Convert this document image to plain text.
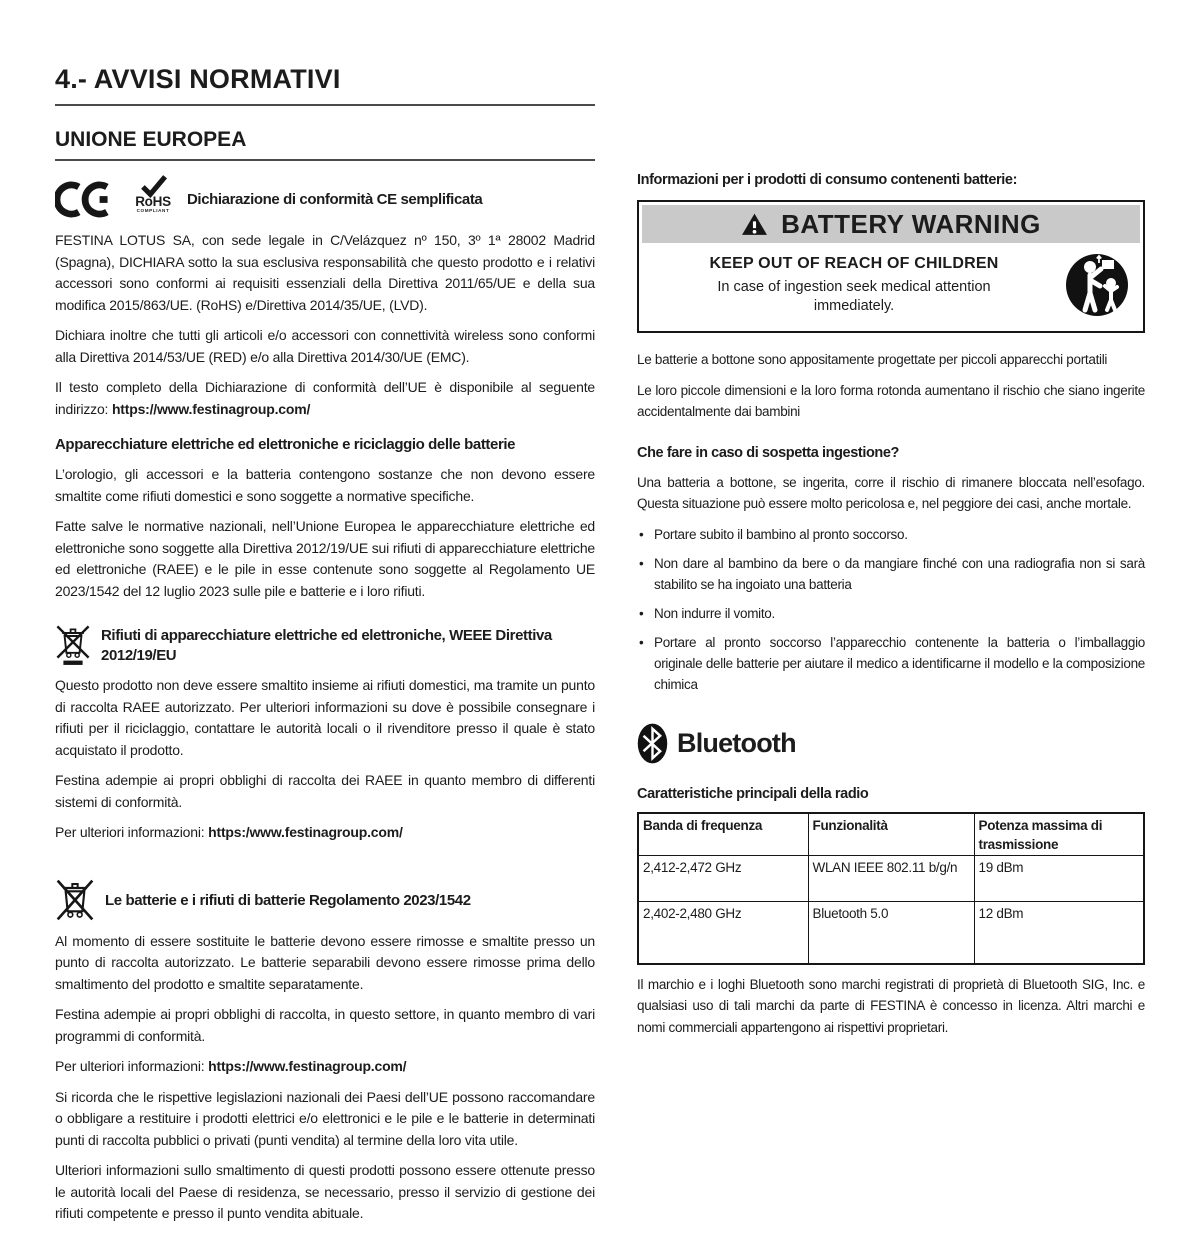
4.- AVVISI NORMATIVI
UNIONE EUROPEA
RoHS
COMPLIANT
Dichiarazione di conformità CE semplificata

FESTINA LOTUS SA, con sede legale in C/Velázquez nº 150, 3º 1ª 28002 Madrid (Spagna), DICHIARA sotto la sua esclusiva responsabilità che questo prodotto e i relativi accessori sono conformi ai requisiti essenziali della Direttiva 2011/65/UE e della sua modifica 2015/863/UE. (RoHS) e/Direttiva 2014/35/UE, (LVD).

Dichiara inoltre che tutti gli articoli e/o accessori con connettività wireless sono conformi alla Direttiva 2014/53/UE (RED) e/o alla Direttiva 2014/30/UE (EMC).

Il testo completo della Dichiarazione di conformità dell’UE è disponibile al seguente indirizzo: https://www.festinagroup.com/

Apparecchiature elettriche ed elettroniche e riciclaggio delle batterie

L’orologio, gli accessori e la batteria contengono sostanze che non devono essere smaltite come rifiuti domestici e sono soggette a normative specifiche.

Fatte salve le normative nazionali, nell’Unione Europea le apparecchiature elettriche ed elettroniche sono soggette alla Direttiva 2012/19/UE sui rifiuti di apparecchiature elettriche ed elettroniche (RAEE) e le pile in esse contenute sono soggette al Regolamento UE 2023/1542 del 12 luglio 2023 sulle pile e batterie e i loro rifiuti.

Rifiuti di apparecchiature elettriche ed elettroniche, WEEE Direttiva 2012/19/EU

Questo prodotto non deve essere smaltito insieme ai rifiuti domestici, ma tramite un punto di raccolta RAEE autorizzato. Per ulteriori informazioni su dove è possibile consegnare i rifiuti per il riciclaggio, contattare le autorità locali o il rivenditore presso il quale è stato acquistato il prodotto.

Festina adempie ai propri obblighi di raccolta dei RAEE in quanto membro di differenti sistemi di conformità.

Per ulteriori informazioni: https:/www.festinagroup.com/

Le batterie e i rifiuti di batterie Regolamento 2023/1542

Al momento di essere sostituite le batterie devono essere rimosse e smaltite presso un punto di raccolta autorizzato. Le batterie separabili devono essere rimosse prima dello smaltimento del prodotto e smaltite separatamente.

Festina adempie ai propri obblighi di raccolta, in questo settore, in quanto membro di vari programmi di conformità.

Per ulteriori informazioni: https://www.festinagroup.com/

Si ricorda che le rispettive legislazioni nazionali dei Paesi dell’UE possono raccomandare o obbligare a restituire i prodotti elettrici e/o elettronici e le pile e le batterie in determinati punti di raccolta pubblici o privati (punti vendita) al termine della loro vita utile.

Ulteriori informazioni sullo smaltimento di questi prodotti possono essere ottenute presso le autorità locali del Paese di residenza, se necessario, presso il servizio di gestione dei rifiuti competente e presso il punto vendita abituale.

Informazioni per i prodotti di consumo contenenti batterie:
BATTERY WARNING
KEEP OUT OF REACH OF CHILDREN
In case of ingestion seek medical attention immediately.

Le batterie a bottone sono appositamente progettate per piccoli apparecchi portatili

Le loro piccole dimensioni e la loro forma rotonda aumentano il rischio che siano ingerite accidentalmente dai bambini

Che fare in caso di sospetta ingestione?

Una batteria a bottone, se ingerita, corre il rischio di rimanere bloccata nell’esofago. Questa situazione può essere molto pericolosa e, nel peggiore dei casi, anche mortale.

• Portare subito il bambino al pronto soccorso.
• Non dare al bambino da bere o da mangiare finché con una radiografia non si sarà stabilito se ha ingoiato una batteria
• Non indurre il vomito.
• Portare al pronto soccorso l’apparecchio contenente la batteria o l’imballaggio originale delle batterie per aiutare il medico a identificarne il modello e la composizione chimica
Bluetooth
Caratteristiche principali della radio
Banda di frequenza	Funzionalità	Potenza massima di trasmissione
2,412-2,472 GHz	WLAN IEEE 802.11 b/g/n	19 dBm
2,402-2,480 GHz	Bluetooth 5.0	12 dBm

Il marchio e i loghi Bluetooth sono marchi registrati di proprietà di Bluetooth SIG, Inc. e qualsiasi uso di tali marchi da parte di FESTINA è concesso in licenza. Altri marchi e nomi commerciali appartengono ai rispettivi proprietari.
